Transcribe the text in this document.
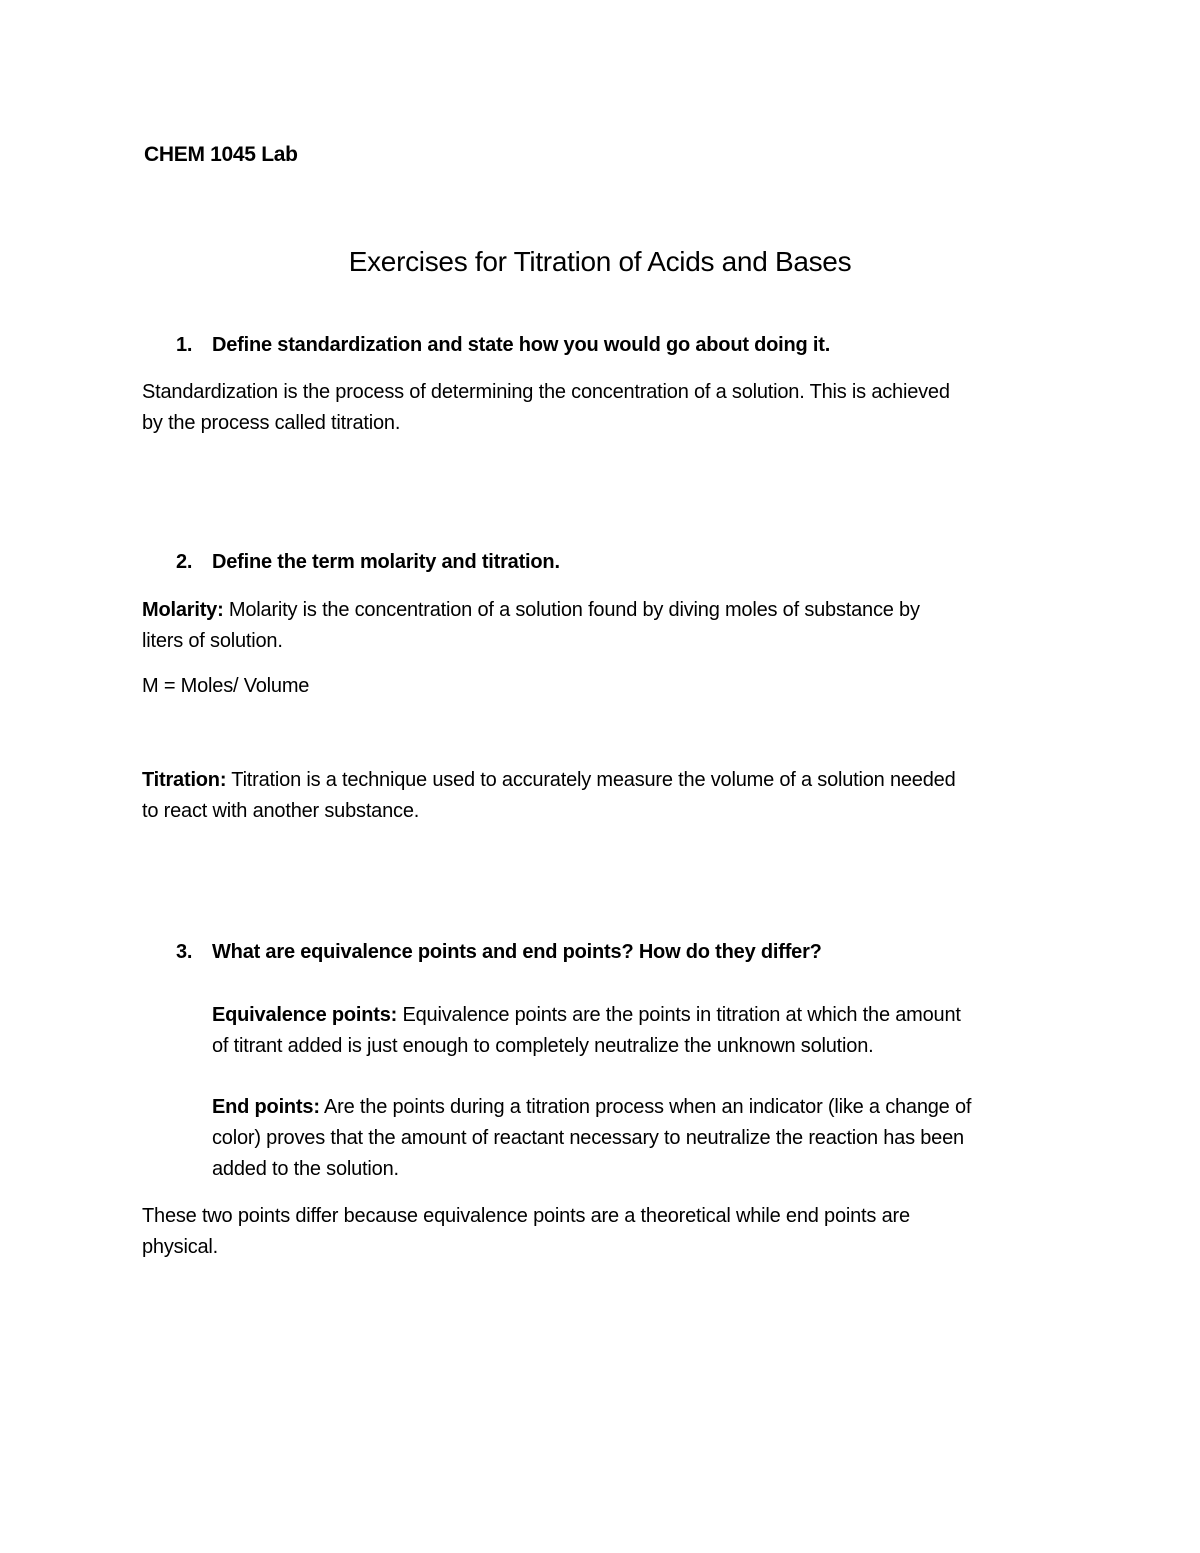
CHEM 1045 Lab
Exercises for Titration of Acids and Bases
1. Define standardization and state how you would go about doing it.
Standardization is the process of determining the concentration of a solution. This is achieved
by the process called titration.
2. Define the term molarity and titration.
Molarity: Molarity is the concentration of a solution found by diving moles of substance by
liters of solution.
M = Moles/ Volume
Titration: Titration is a technique used to accurately measure the volume of a solution needed
to react with another substance.
3. What are equivalence points and end points? How do they differ?
Equivalence points: Equivalence points are the points in titration at which the amount
of titrant added is just enough to completely neutralize the unknown solution.
End points: Are the points during a titration process when an indicator (like a change of
color) proves that the amount of reactant necessary to neutralize the reaction has been
added to the solution.
These two points differ because equivalence points are a theoretical while end points are
physical.
